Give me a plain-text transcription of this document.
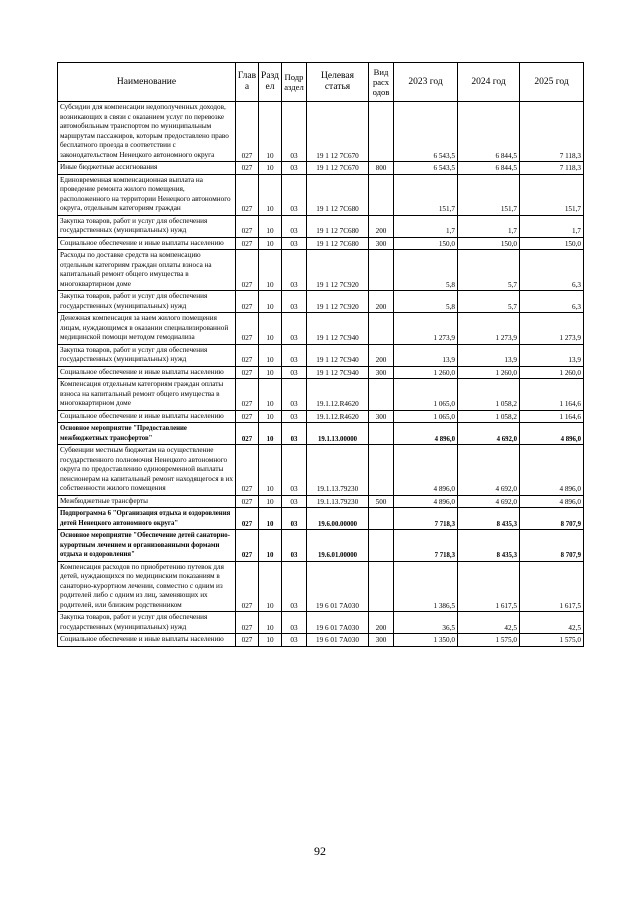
Наименование	Глав а	Разд ел	Подр аздел	Целевая статья	Вид расх одов	2023 год	2024 год	2025 год
Субсидии для компенсации недополученных доходов, возникающих в связи с оказанием услуг по перевозке автомобильным транспортом по муниципальным маршрутам пассажиров, которым предоставлено право бесплатного проезда в соответствии с законодательством Ненецкого автономного округа	027	10	03	19 1 12 7С670		6 543,5	6 844,5	7 118,3
Иные бюджетные ассигнования	027	10	03	19 1 12 7С670	800	6 543,5	6 844,5	7 118,3
Единовременная компенсационная выплата на проведение ремонта жилого помещения, расположенного на территории Ненецкого автономного округа, отдельным категориям граждан	027	10	03	19 1 12 7С680		151,7	151,7	151,7
Закупка товаров, работ и услуг для обеспечения государственных (муниципальных) нужд	027	10	03	19 1 12 7С680	200	1,7	1,7	1,7
Социальное обеспечение и иные выплаты населению	027	10	03	19 1 12 7С680	300	150,0	150,0	150,0
Расходы по доставке средств на компенсацию отдельным категориям граждан оплаты взноса на капитальный ремонт общего имущества в многоквартирном доме	027	10	03	19 1 12 7С920		5,8	5,7	6,3
Закупка товаров, работ и услуг для обеспечения государственных (муниципальных) нужд	027	10	03	19 1 12 7С920	200	5,8	5,7	6,3
Денежная компенсация за наем жилого помещения лицам, нуждающимся в оказании специализированной медицинской помощи методом гемодиализа	027	10	03	19 1 12 7С940		1 273,9	1 273,9	1 273,9
Закупка товаров, работ и услуг для обеспечения государственных (муниципальных) нужд	027	10	03	19 1 12 7С940	200	13,9	13,9	13,9
Социальное обеспечение и иные выплаты населению	027	10	03	19 1 12 7С940	300	1 260,0	1 260,0	1 260,0
Компенсация отдельным категориям граждан оплаты взноса на капитальный ремонт общего имущества в многоквартирном доме	027	10	03	19.1.12.R4620		1 065,0	1 058,2	1 164,6
Социальное обеспечение и иные выплаты населению	027	10	03	19.1.12.R4620	300	1 065,0	1 058,2	1 164,6
Основное мероприятие "Предоставление межбюджетных трансфертов"	027	10	03	19.1.13.00000		4 896,0	4 692,0	4 896,0
Субвенции местным бюджетам на осуществление государственного полномочия Ненецкого автономного округа по предоставлению единовременной выплаты пенсионерам на капитальный ремонт находящегося в их собственности жилого помещения	027	10	03	19.1.13.79230		4 896,0	4 692,0	4 896,0
Межбюджетные трансферты	027	10	03	19.1.13.79230	500	4 896,0	4 692,0	4 896,0
Подпрограмма 6 "Организация отдыха и оздоровления детей Ненецкого автономного округа"	027	10	03	19.6.00.00000		7 718,3	8 435,3	8 707,9
Основное мероприятие "Обеспечение детей санаторно-курортным лечением и организованными формами отдыха и оздоровления"	027	10	03	19.6.01.00000		7 718,3	8 435,3	8 707,9
Компенсация расходов по приобретению путевок для детей, нуждающихся по медицинским показаниям в санаторно-курортном лечении, совместно с одним из родителей либо с одним из лиц, заменяющих их родителей, или близким родственником	027	10	03	19 6 01 7А030		1 386,5	1 617,5	1 617,5
Закупка товаров, работ и услуг для обеспечения государственных (муниципальных) нужд	027	10	03	19 6 01 7А030	200	36,5	42,5	42,5
Социальное обеспечение и иные выплаты населению	027	10	03	19 6 01 7А030	300	1 350,0	1 575,0	1 575,0
92
